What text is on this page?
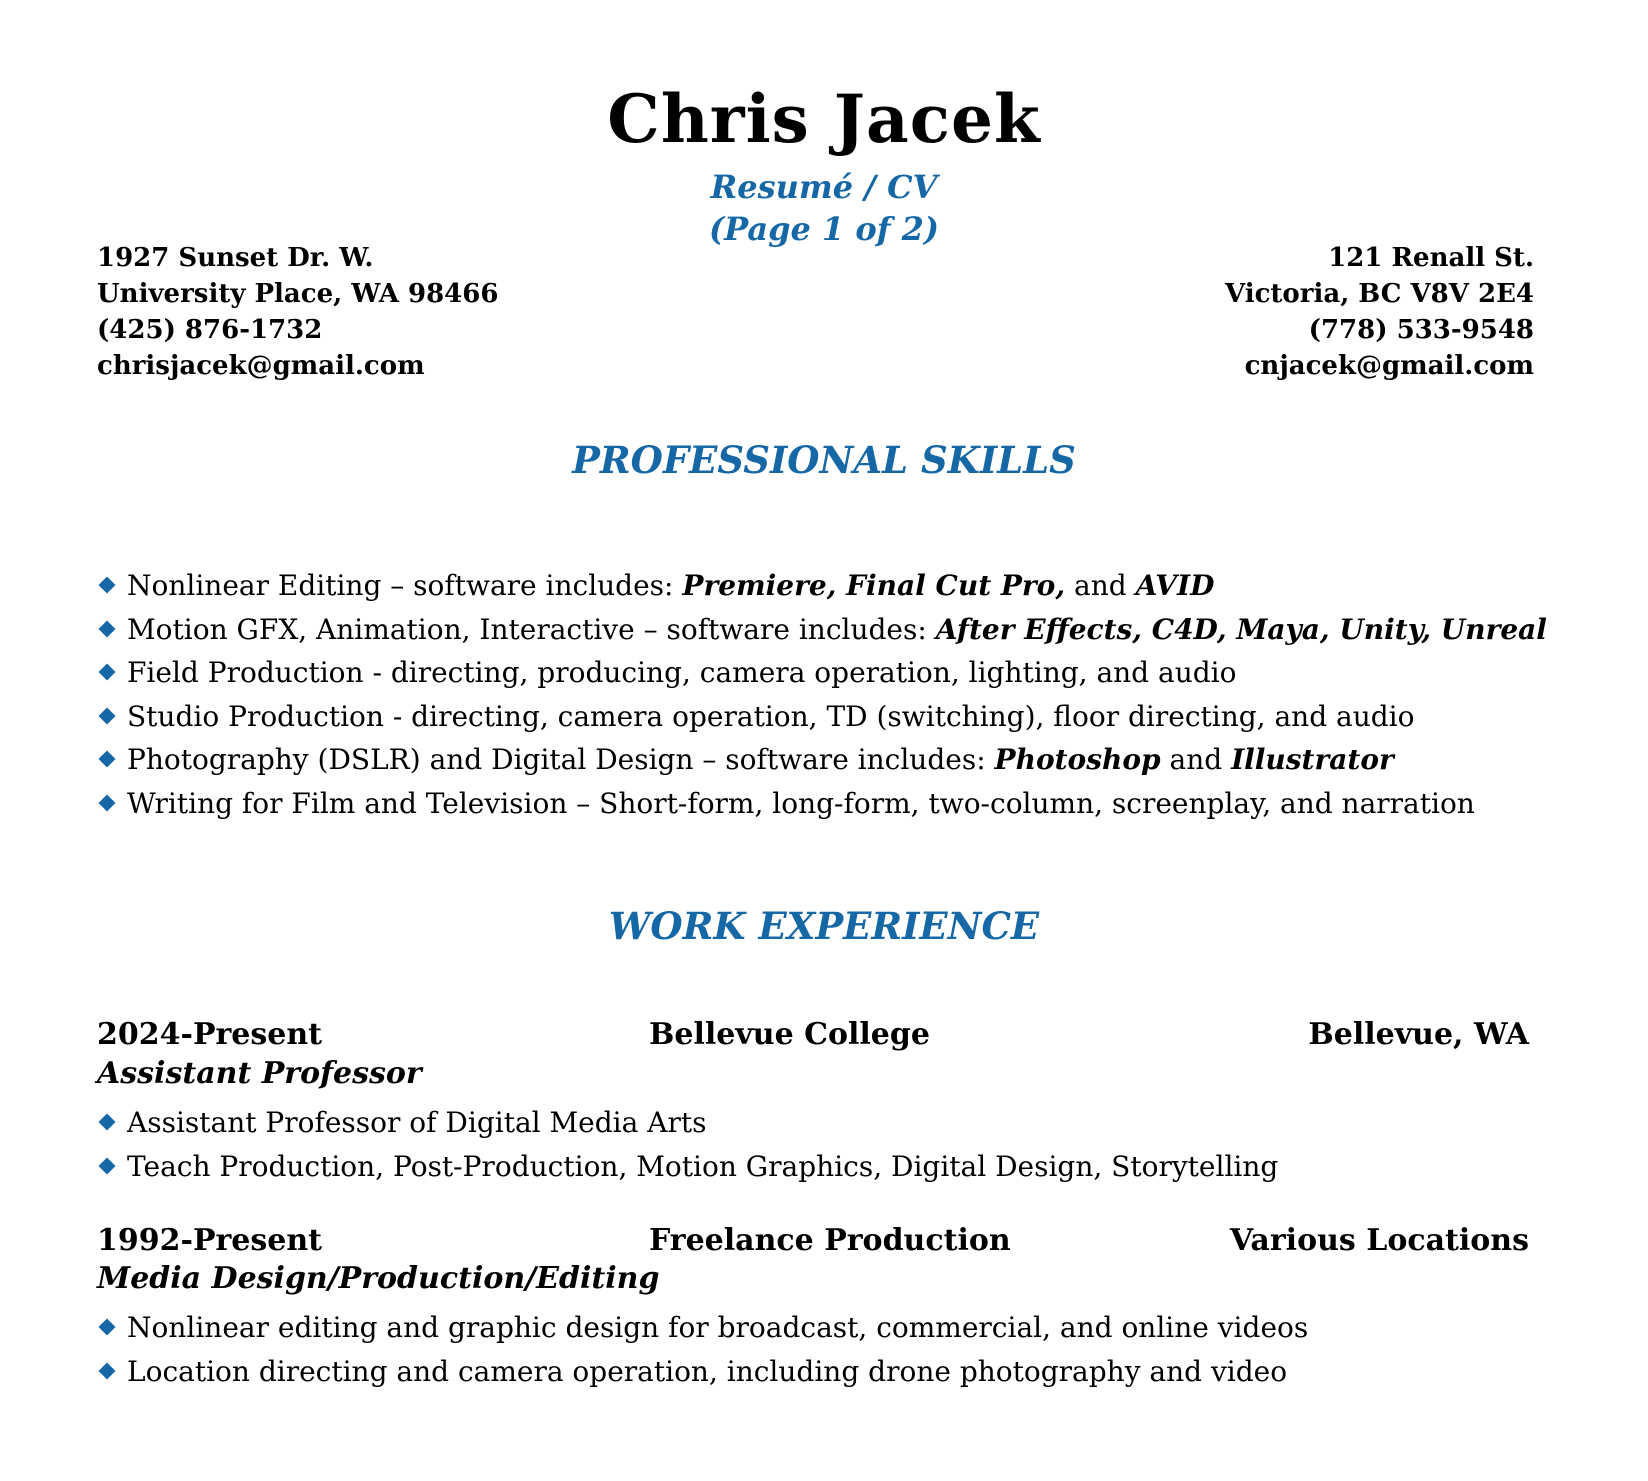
Chris Jacek
Resumé / CV
(Page 1 of 2)
1927 Sunset Dr. W.
University Place, WA 98466
(425) 876-1732
chrisjacek@gmail.com
121 Renall St.
Victoria, BC V8V 2E4
(778) 533-9548
cnjacek@gmail.com
PROFESSIONAL SKILLS
Nonlinear Editing – software includes: Premiere, Final Cut Pro, and AVID
Motion GFX, Animation, Interactive – software includes: After Effects, C4D, Maya, Unity, Unreal
Field Production - directing, producing, camera operation, lighting, and audio
Studio Production - directing, camera operation, TD (switching), floor directing, and audio
Photography (DSLR) and Digital Design – software includes: Photoshop and Illustrator
Writing for Film and Television – Short-form, long-form, two-column, screenplay, and narration
WORK EXPERIENCE
2024-Present	Bellevue College	Bellevue, WA
Assistant Professor
Assistant Professor of Digital Media Arts
Teach Production, Post-Production, Motion Graphics, Digital Design, Storytelling
1992-Present	Freelance Production	Various Locations
Media Design/Production/Editing
Nonlinear editing and graphic design for broadcast, commercial, and online videos
Location directing and camera operation, including drone photography and video
